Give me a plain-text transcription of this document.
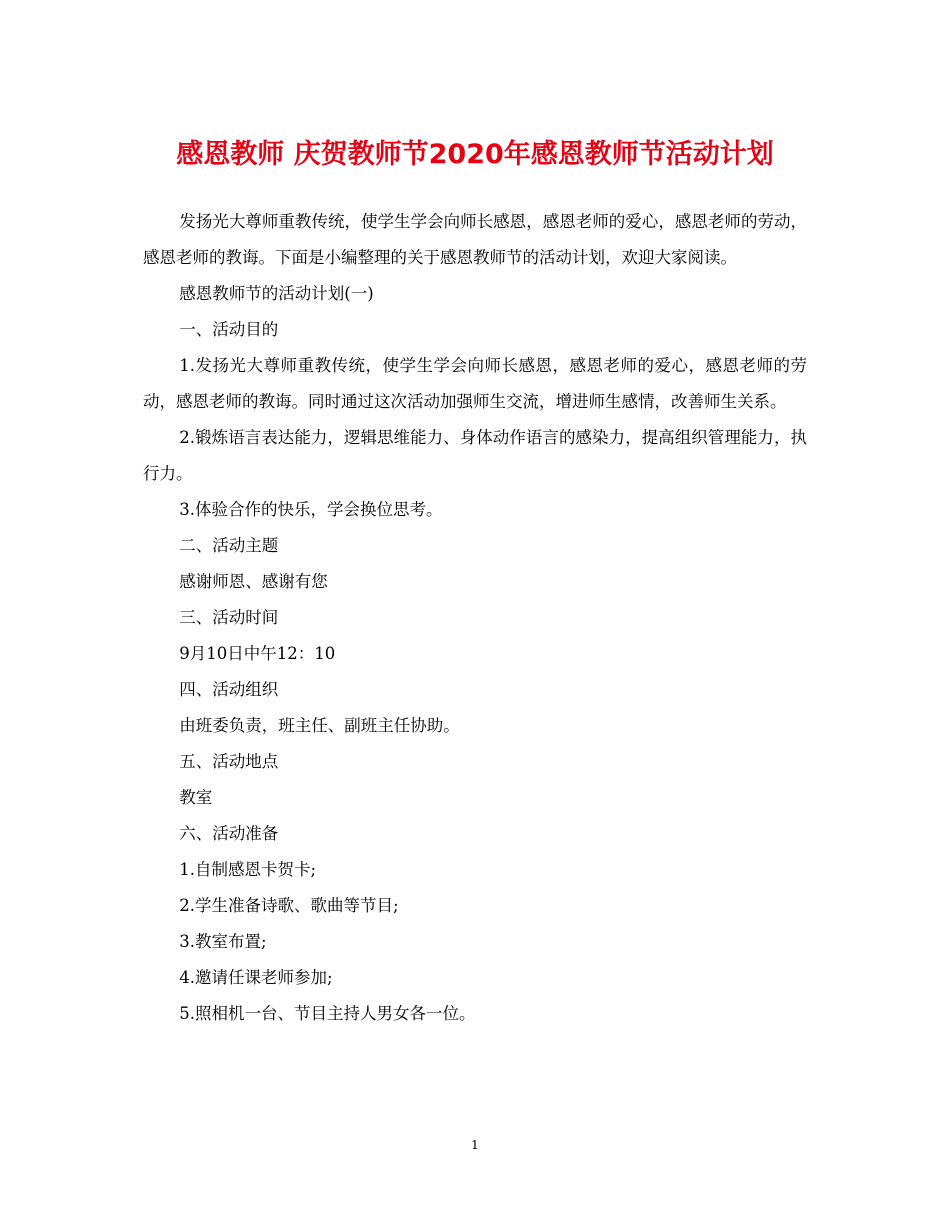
感恩教师 庆贺教师节2020年感恩教师节活动计划

发扬光大尊师重教传统，使学生学会向师长感恩，感恩老师的爱心，感恩老师的劳动，感恩老师的教诲。下面是小编整理的关于感恩教师节的活动计划，欢迎大家阅读。

感恩教师节的活动计划(一)

一、活动目的

1.发扬光大尊师重教传统，使学生学会向师长感恩，感恩老师的爱心，感恩老师的劳动，感恩老师的教诲。同时通过这次活动加强师生交流，增进师生感情，改善师生关系。

2.锻炼语言表达能力，逻辑思维能力、身体动作语言的感染力，提高组织管理能力，执行力。

3.体验合作的快乐，学会换位思考。

二、活动主题

感谢师恩、感谢有您

三、活动时间

9月10日中午12：10

四、活动组织

由班委负责，班主任、副班主任协助。

五、活动地点

教室

六、活动准备

1.自制感恩卡贺卡;

2.学生准备诗歌、歌曲等节目;

3.教室布置;

4.邀请任课老师参加;

5.照相机一台、节目主持人男女各一位。

1
